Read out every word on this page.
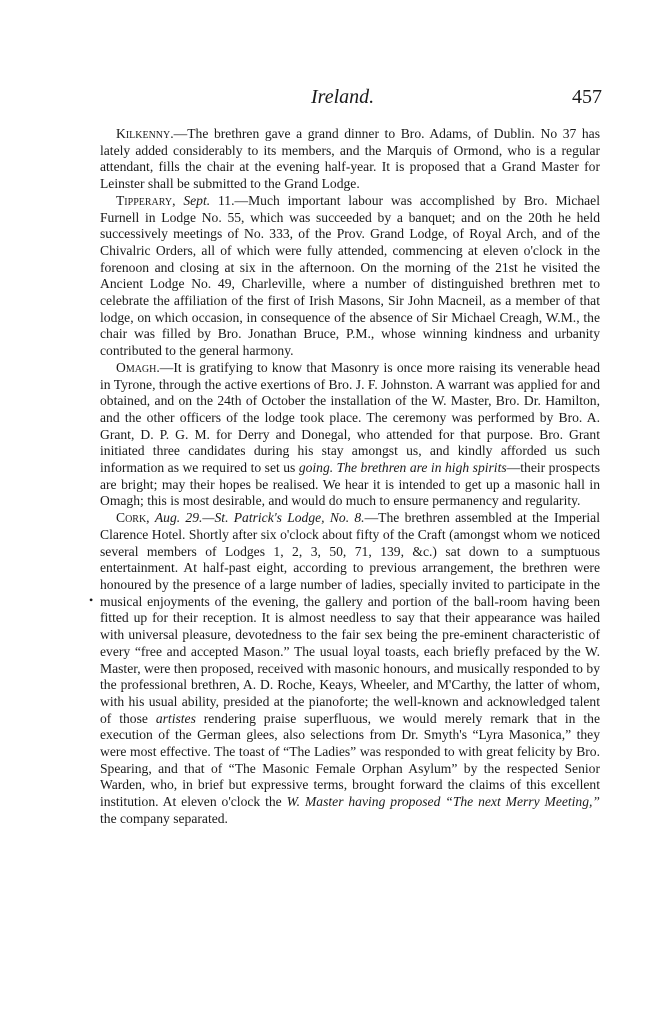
Ireland.	457
•

Kilkenny.—The brethren gave a grand dinner to Bro. Adams, of Dublin. No 37 has lately added considerably to its members, and the Marquis of Ormond, who is a regular attendant, fills the chair at the evening half-year. It is proposed that a Grand Master for Leinster shall be submitted to the Grand Lodge.

Tipperary, Sept. 11.—Much important labour was accomplished by Bro. Michael Furnell in Lodge No. 55, which was succeeded by a banquet; and on the 20th he held successively meetings of No. 333, of the Prov. Grand Lodge, of Royal Arch, and of the Chivalric Orders, all of which were fully attended, commencing at eleven o'clock in the forenoon and closing at six in the afternoon. On the morning of the 21st he visited the Ancient Lodge No. 49, Charleville, where a number of distinguished brethren met to celebrate the affiliation of the first of Irish Masons, Sir John Macneil, as a member of that lodge, on which occasion, in consequence of the absence of Sir Michael Creagh, W.M., the chair was filled by Bro. Jonathan Bruce, P.M., whose winning kindness and urbanity contributed to the general harmony.

Omagh.—It is gratifying to know that Masonry is once more raising its venerable head in Tyrone, through the active exertions of Bro. J. F. Johnston. A warrant was applied for and obtained, and on the 24th of October the installation of the W. Master, Bro. Dr. Hamilton, and the other officers of the lodge took place. The ceremony was performed by Bro. A. Grant, D. P. G. M. for Derry and Donegal, who attended for that purpose. Bro. Grant initiated three candidates during his stay amongst us, and kindly afforded us such information as we required to set us going. The brethren are in high spirits—their prospects are bright; may their hopes be realised. We hear it is intended to get up a masonic hall in Omagh; this is most desirable, and would do much to ensure permanency and regularity.

Cork, Aug. 29.—St. Patrick's Lodge, No. 8.—The brethren assembled at the Imperial Clarence Hotel. Shortly after six o'clock about fifty of the Craft (amongst whom we noticed several members of Lodges 1, 2, 3, 50, 71, 139, &c.) sat down to a sumptuous entertainment. At half-past eight, according to previous arrangement, the brethren were honoured by the presence of a large number of ladies, specially invited to participate in the musical enjoyments of the evening, the gallery and portion of the ball-room having been fitted up for their reception. It is almost needless to say that their appearance was hailed with universal pleasure, devotedness to the fair sex being the pre-eminent characteristic of every “free and accepted Mason.” The usual loyal toasts, each briefly prefaced by the W. Master, were then proposed, received with masonic honours, and musically responded to by the professional brethren, A. D. Roche, Keays, Wheeler, and M'Carthy, the latter of whom, with his usual ability, presided at the pianoforte; the well-known and acknowledged talent of those artistes rendering praise superfluous, we would merely remark that in the execution of the German glees, also selections from Dr. Smyth's “Lyra Masonica,” they were most effective. The toast of “The Ladies” was responded to with great felicity by Bro. Spearing, and that of “The Masonic Female Orphan Asylum” by the respected Senior Warden, who, in brief but expressive terms, brought forward the claims of this excellent institution. At eleven o'clock the W. Master having proposed “The next Merry Meeting,” the company separated.
